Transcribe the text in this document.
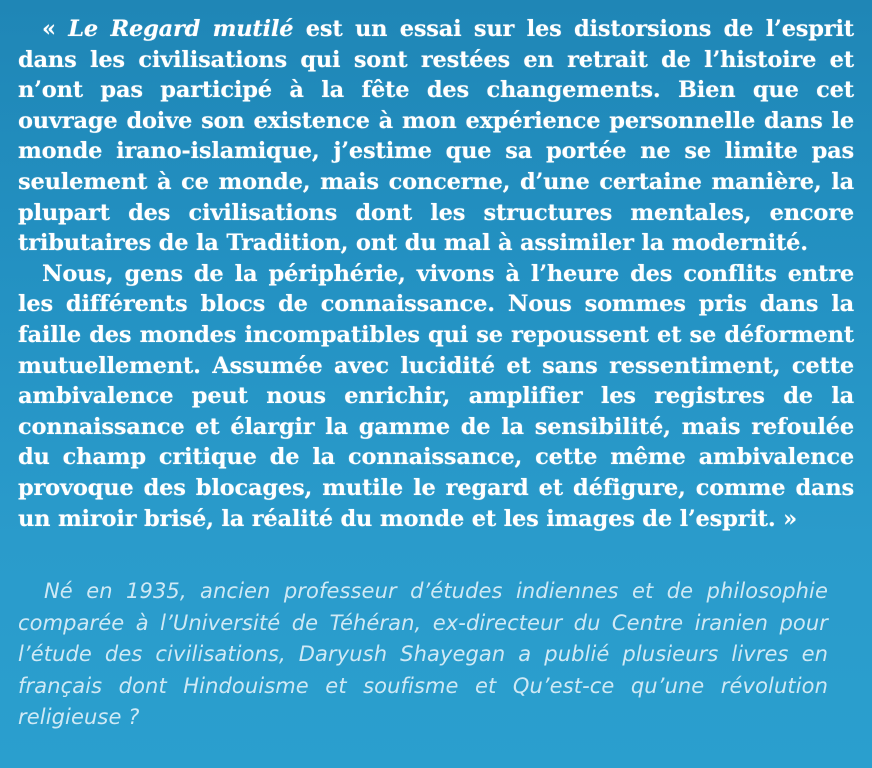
« Le Regard mutilé est un essai sur les distorsions de l’esprit dans les civilisations qui sont restées en retrait de l’histoire et n’ont pas participé à la fête des changements. Bien que cet ouvrage doive son existence à mon expérience personnelle dans le monde irano-islamique, j’estime que sa portée ne se limite pas seulement à ce monde, mais concerne, d’une certaine manière, la plupart des civilisations dont les structures mentales, encore tributaires de la Tradition, ont du mal à assimiler la modernité.

Nous, gens de la périphérie, vivons à l’heure des conflits entre les différents blocs de connaissance. Nous sommes pris dans la faille des mondes incompatibles qui se repoussent et se déforment mutuellement. Assumée avec lucidité et sans ressentiment, cette ambivalence peut nous enrichir, amplifier les registres de la connaissance et élargir la gamme de la sensibilité, mais refoulée du champ critique de la connaissance, cette même ambivalence provoque des blocages, mutile le regard et défigure, comme dans un miroir brisé, la réalité du monde et les images de l’esprit. »

Né en 1935, ancien professeur d’études indiennes et de philosophie comparée à l’Université de Téhéran, ex-directeur du Centre iranien pour l’étude des civilisations, Daryush Shayegan a publié plusieurs livres en français dont Hindouisme et soufisme et Qu’est-ce qu’une révolution religieuse ?
